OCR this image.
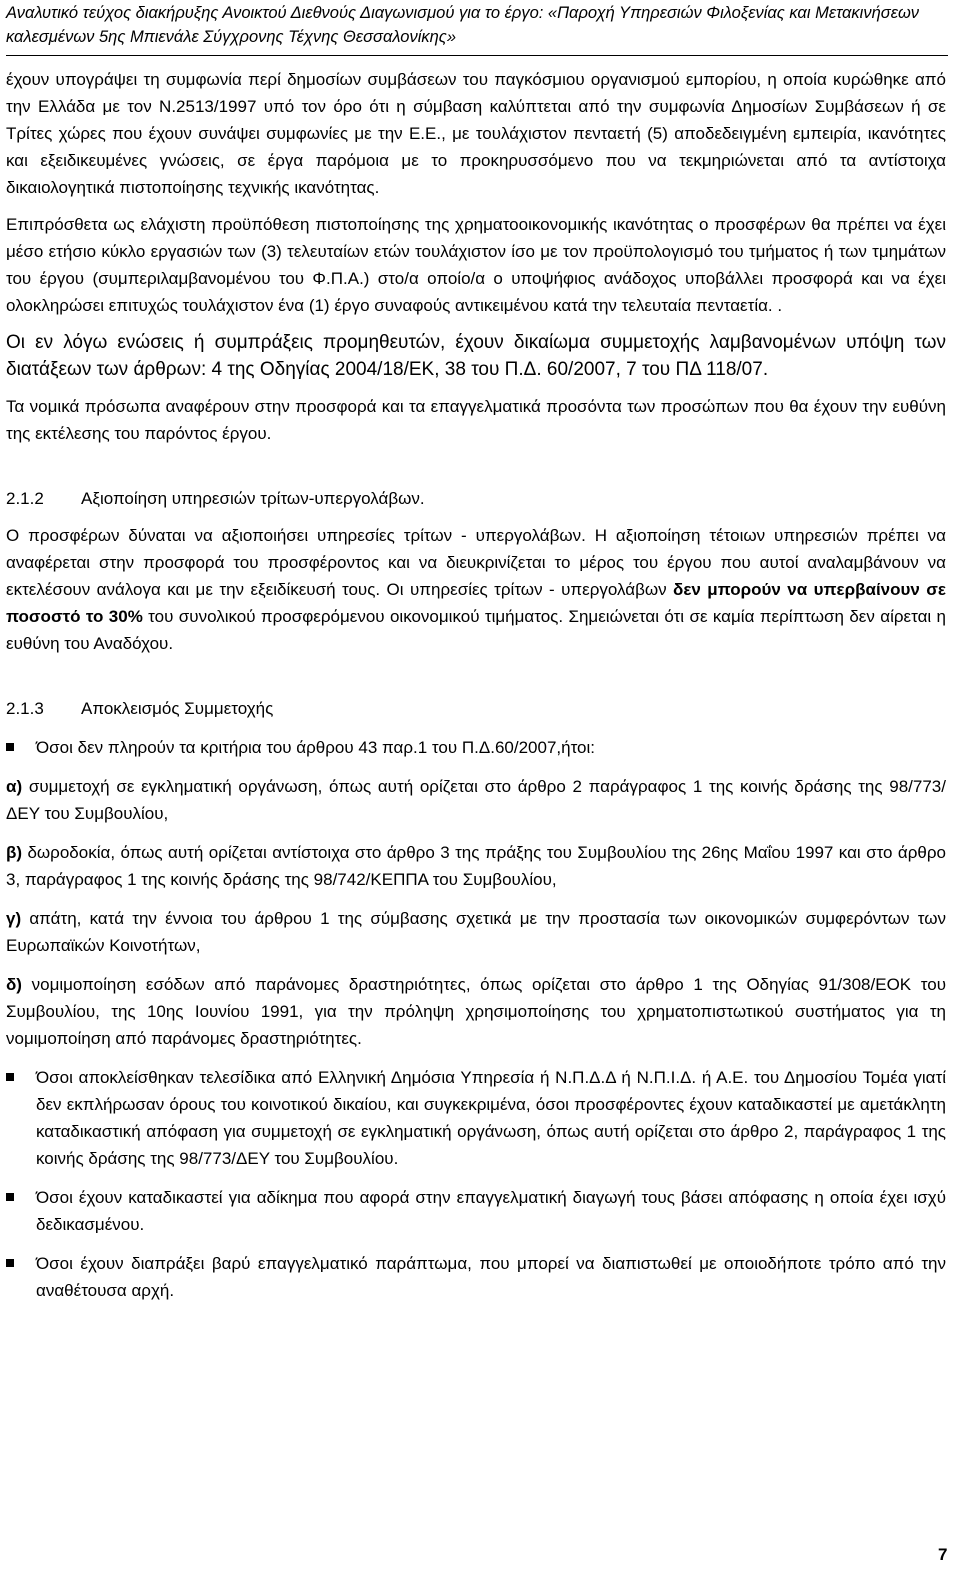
Αναλυτικό τεύχος διακήρυξης Ανοικτού Διεθνούς Διαγωνισμού για το έργο: «Παροχή Υπηρεσιών Φιλοξενίας και Μετακινήσεων
καλεσμένων 5ης Μπιενάλε Σύγχρονης Τέχνης Θεσσαλονίκης»

έχουν υπογράψει τη συμφωνία περί δημοσίων συμβάσεων του παγκόσμιου οργανισμού εμπορίου, η οποία κυρώθηκε από την Ελλάδα με τον Ν.2513/1997 υπό τον όρο ότι η σύμβαση καλύπτεται από την συμφωνία Δημοσίων Συμβάσεων ή σε Τρίτες χώρες που έχουν συνάψει συμφωνίες με την Ε.Ε., με τουλάχιστον πενταετή (5) αποδεδειγμένη εμπειρία, ικανότητες και εξειδικευμένες γνώσεις, σε έργα παρόμοια με το προκηρυσσόμενο που να τεκμηριώνεται από τα αντίστοιχα δικαιολογητικά πιστοποίησης τεχνικής ικανότητας.

Επιπρόσθετα ως ελάχιστη προϋπόθεση πιστοποίησης της χρηματοοικονομικής ικανότητας ο προσφέρων θα πρέπει να έχει μέσο ετήσιο κύκλο εργασιών των (3) τελευταίων ετών τουλάχιστον ίσο με τον προϋπολογισμό του τμήματος ή των τμημάτων του έργου (συμπεριλαμβανομένου του Φ.Π.Α.) στο/α οποίο/α ο υποψήφιος ανάδοχος υποβάλλει προσφορά και να έχει ολοκληρώσει επιτυχώς τουλάχιστον ένα (1) έργο συναφούς αντικειμένου κατά την τελευταία πενταετία. .

Οι εν λόγω ενώσεις ή συμπράξεις προμηθευτών, έχουν δικαίωμα συμμετοχής λαμβανομένων υπόψη των διατάξεων των άρθρων: 4 της Οδηγίας 2004/18/ΕΚ, 38 του Π.Δ. 60/2007, 7 του ΠΔ 118/07.

Τα νομικά πρόσωπα αναφέρουν στην προσφορά και τα επαγγελματικά προσόντα των προσώπων που θα έχουν την ευθύνη της εκτέλεσης του παρόντος έργου.

2.1.2	Αξιοποίηση υπηρεσιών τρίτων-υπεργολάβων.

Ο προσφέρων δύναται να αξιοποιήσει υπηρεσίες τρίτων - υπεργολάβων. Η αξιοποίηση τέτοιων υπηρεσιών πρέπει να αναφέρεται στην προσφορά του προσφέροντος και να διευκρινίζεται το μέρος του έργου που αυτοί αναλαμβάνουν να εκτελέσουν ανάλογα και με την εξειδίκευσή τους. Οι υπηρεσίες τρίτων - υπεργολάβων δεν μπορούν να υπερβαίνουν σε ποσοστό το 30% του συνολικού προσφερόμενου οικονομικού τιμήματος. Σημειώνεται ότι σε καμία περίπτωση δεν αίρεται η ευθύνη του Αναδόχου.

2.1.3	Αποκλεισμός Συμμετοχής

Όσοι δεν πληρούν τα κριτήρια του άρθρου 43 παρ.1 του Π.Δ.60/2007,ήτοι:

α) συμμετοχή σε εγκληματική οργάνωση, όπως αυτή ορίζεται στο άρθρο 2 παράγραφος 1 της κοινής δράσης της 98/773/ΔΕΥ του Συμβουλίου,

β) δωροδοκία, όπως αυτή ορίζεται αντίστοιχα στο άρθρο 3 της πράξης του Συμβουλίου της 26ης Μαΐου 1997 και στο άρθρο 3, παράγραφος 1 της κοινής δράσης της 98/742/ΚΕΠΠΑ του Συμβουλίου,

γ) απάτη, κατά την έννοια του άρθρου 1 της σύμβασης σχετικά με την προστασία των οικονομικών συμφερόντων των Ευρωπαϊκών Κοινοτήτων,

δ) νομιμοποίηση εσόδων από παράνομες δραστηριότητες, όπως ορίζεται στο άρθρο 1 της Οδηγίας 91/308/ΕΟΚ του Συμβουλίου, της 10ης Ιουνίου 1991, για την πρόληψη χρησιμοποίησης του χρηματοπιστωτικού συστήματος για τη νομιμοποίηση από παράνομες δραστηριότητες.

Όσοι αποκλείσθηκαν τελεσίδικα από Ελληνική Δημόσια Υπηρεσία ή Ν.Π.Δ.Δ ή Ν.Π.Ι.Δ. ή Α.Ε. του Δημοσίου Τομέα γιατί δεν εκπλήρωσαν όρους του κοινοτικού δικαίου, και συγκεκριμένα, όσοι προσφέροντες έχουν καταδικαστεί με αμετάκλητη καταδικαστική απόφαση για συμμετοχή σε εγκληματική οργάνωση, όπως αυτή ορίζεται στο άρθρο 2, παράγραφος 1 της κοινής δράσης της 98/773/ΔΕΥ του Συμβουλίου.
Όσοι έχουν καταδικαστεί για αδίκημα που αφορά στην επαγγελματική διαγωγή τους βάσει απόφασης η οποία έχει ισχύ δεδικασμένου.
Όσοι έχουν διαπράξει βαρύ επαγγελματικό παράπτωμα, που μπορεί να διαπιστωθεί με οποιοδήποτε τρόπο από την αναθέτουσα αρχή.
7
